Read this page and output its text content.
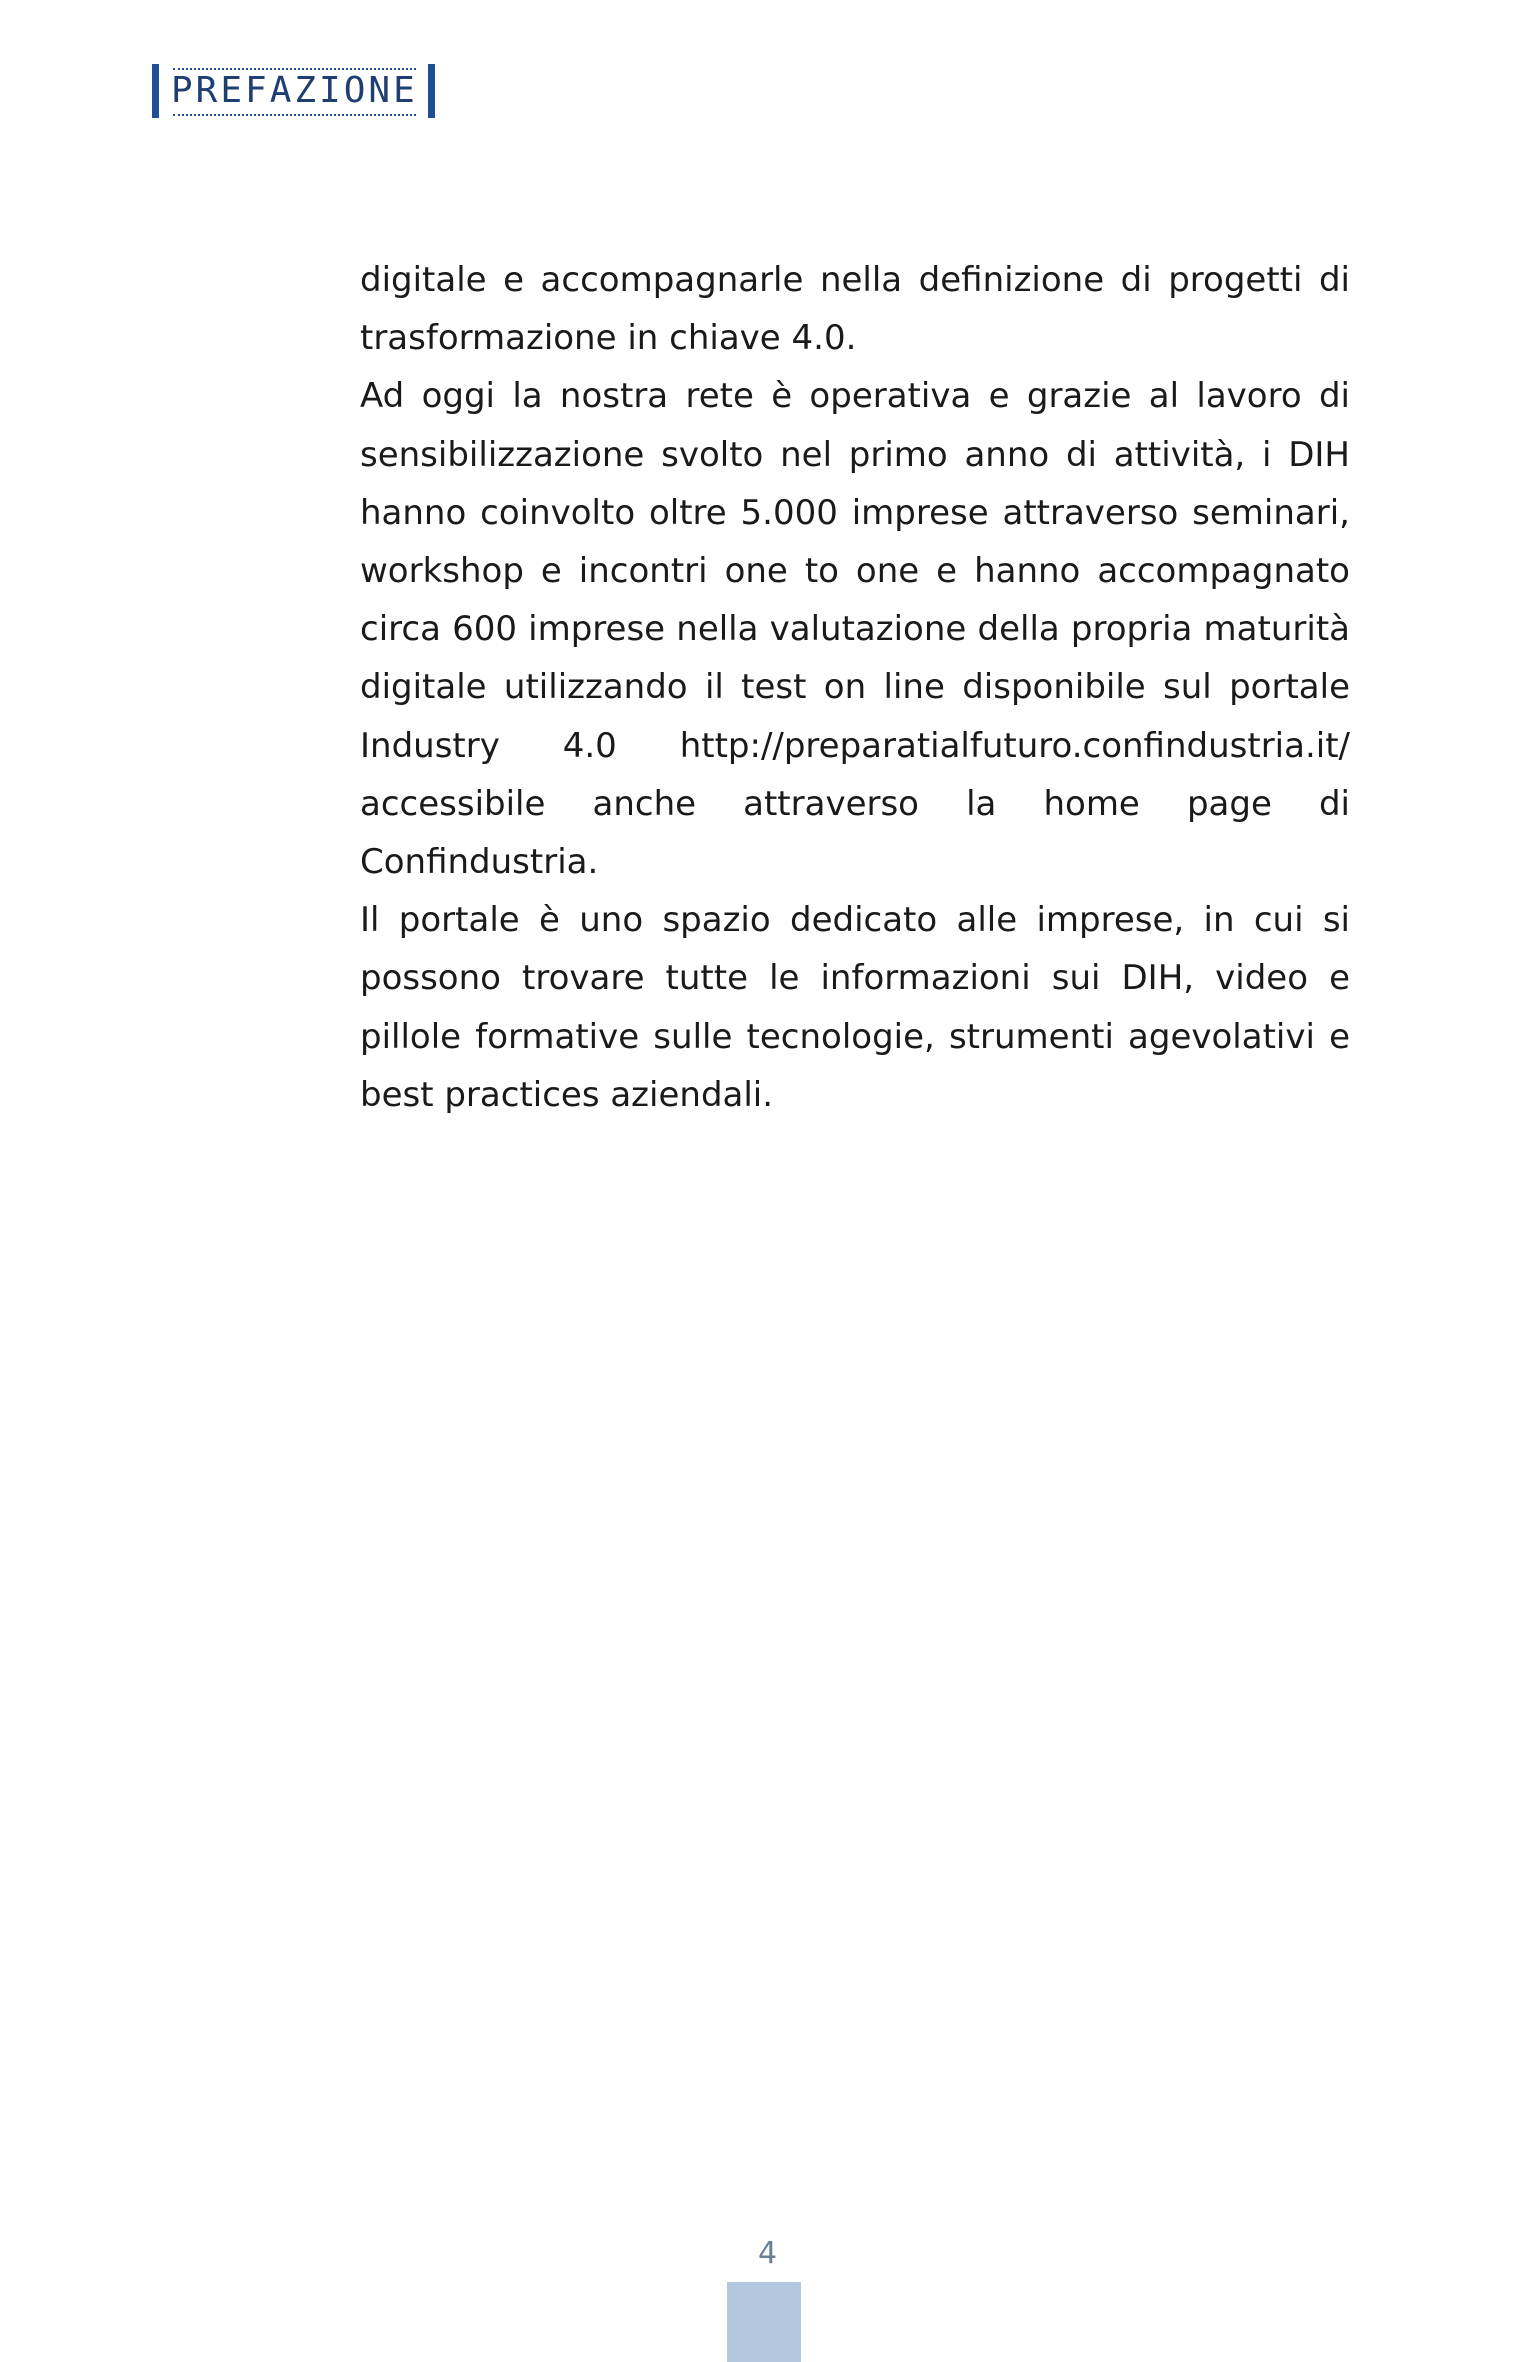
PREFAZIONE

digitale e accompagnarle nella definizione di progetti di trasformazione in chiave 4.0.

Ad oggi la nostra rete è operativa e grazie al lavoro di sensibilizzazione svolto nel primo anno di attività, i DIH hanno coinvolto oltre 5.000 imprese attraverso seminari, workshop e incontri one to one e hanno accompagnato circa 600 imprese nella valutazione della propria maturità digitale utilizzando il test on line disponibile sul portale Industry 4.0 http://preparatialfuturo.confindustria.it/ accessibile anche attraverso la home page di Confindustria.

Il portale è uno spazio dedicato alle imprese, in cui si possono trovare tutte le informazioni sui DIH, video e pillole formative sulle tecnologie, strumenti agevolativi e best practices aziendali.

4
